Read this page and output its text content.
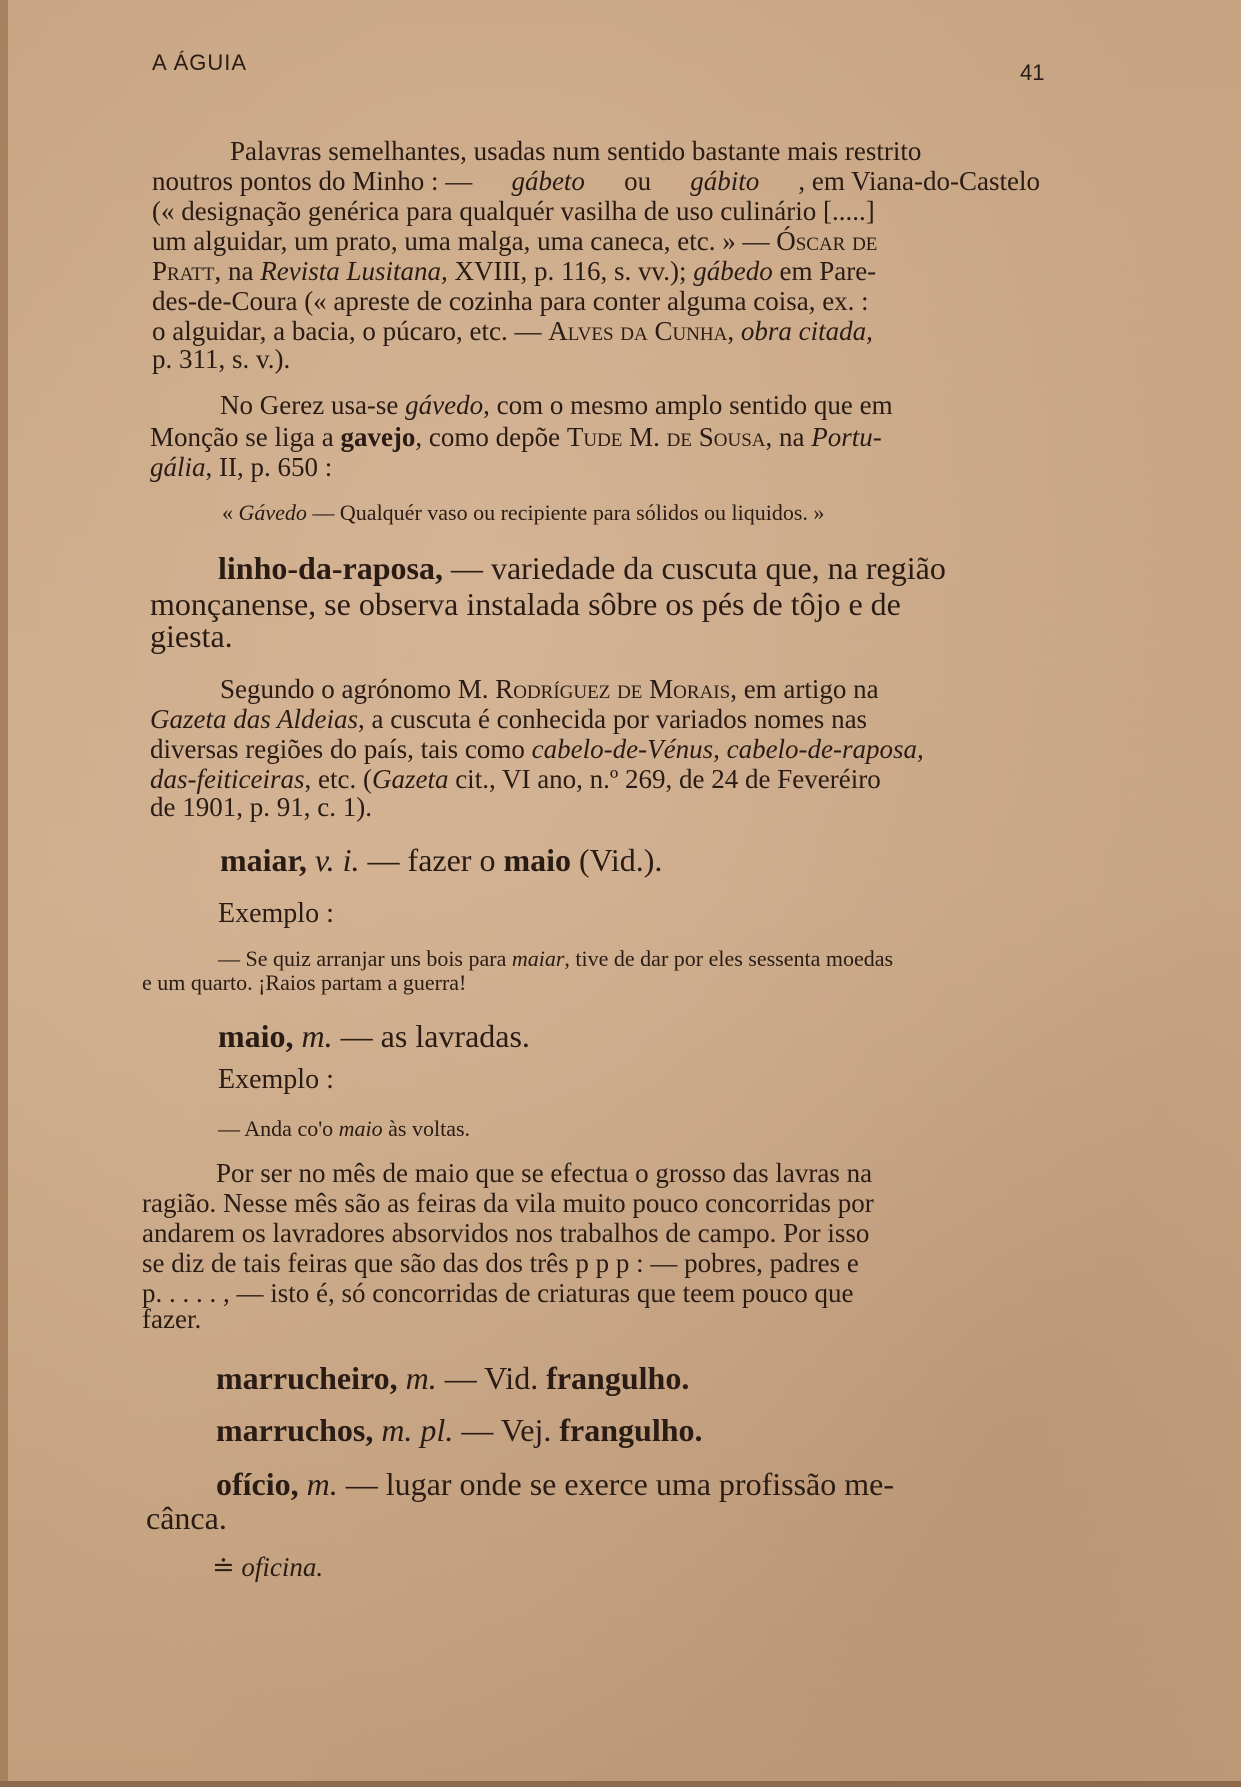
A ÁGUIA	41
Palavras semelhantes, usadas num sentido bastante mais restrito
noutros pontos do Minho : — gábeto ou gábito , em Viana-do-Castelo
(« designação genérica para qualquér vasilha de uso culinário [.....]
um alguidar, um prato, uma malga, uma caneca, etc. » — Óscar de
Pratt, na Revista Lusitana, XVIII, p. 116, s. vv.); gábedo em Pare-
des-de-Coura (« apreste de cozinha para conter alguma coisa, ex. :
o alguidar, a bacia, o púcaro, etc. — Alves da Cunha, obra citada,
p. 311, s. v.).
No Gerez usa-se gávedo, com o mesmo amplo sentido que em
Monção se liga a gavejo, como depõe Tude M. de Sousa, na Portu-
gália, II, p. 650 :
« Gávedo — Qualquér vaso ou recipiente para sólidos ou liquidos. »
linho-da-raposa, — variedade da cuscuta que, na região
monçanense, se observa instalada sôbre os pés de tôjo e de
giesta.
Segundo o agrónomo M. Rodríguez de Morais, em artigo na
Gazeta das Aldeias, a cuscuta é conhecida por variados nomes nas
diversas regiões do país, tais como cabelo-de-Vénus, cabelo-de-raposa,
das-feiticeiras, etc. (Gazeta cit., VI ano, n.º 269, de 24 de Feveréiro
de 1901, p. 91, c. 1).
maiar, v. i. — fazer o maio (Vid.).
Exemplo :
— Se quiz arranjar uns bois para maiar, tive de dar por eles sessenta moedas
e um quarto. ¡Raios partam a guerra!
maio, m. — as lavradas.
Exemplo :
— Anda co'o maio às voltas.
Por ser no mês de maio que se efectua o grosso das lavras na
ragião. Nesse mês são as feiras da vila muito pouco concorridas por
andarem os lavradores absorvidos nos trabalhos de campo. Por isso
se diz de tais feiras que são das dos três p p p : — pobres, padres e
p. . . . . , — isto é, só concorridas de criaturas que teem pouco que
fazer.
marrucheiro, m. — Vid. frangulho.
marruchos, m. pl. — Vej. frangulho.
ofício, m. — lugar onde se exerce uma profissão me-
cânca.
≐ oficina.
